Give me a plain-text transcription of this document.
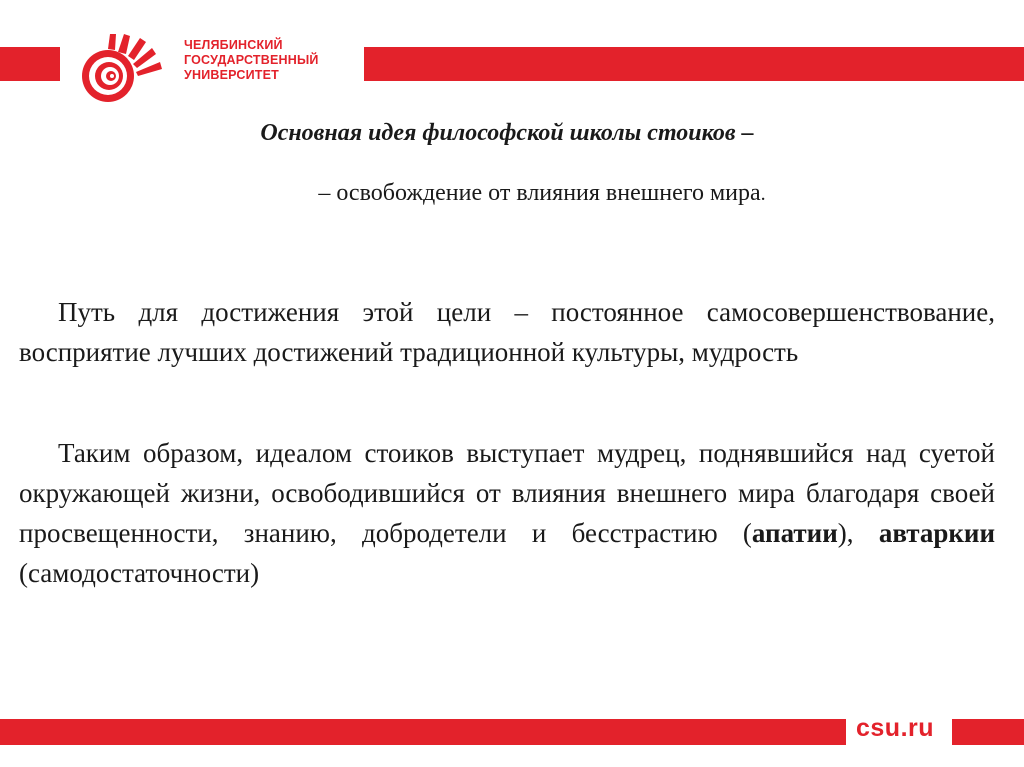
ЧЕЛЯБИНСКИЙ
ГОСУДАРСТВЕННЫЙ
УНИВЕРСИТЕТ
Основная идея философской школы стоиков –
– освобождение от влияния внешнего мира.
Путь для достижения этой цели – постоянное самосовершенствование, восприятие лучших достижений традиционной культуры, мудрость
Таким образом, идеалом стоиков выступает мудрец, поднявшийся над суетой окружающей жизни, освободившийся от влияния внешнего мира благодаря своей просвещенности, знанию, добродетели и бесстрастию (апатии), автаркии (самодостаточности)
csu.ru
